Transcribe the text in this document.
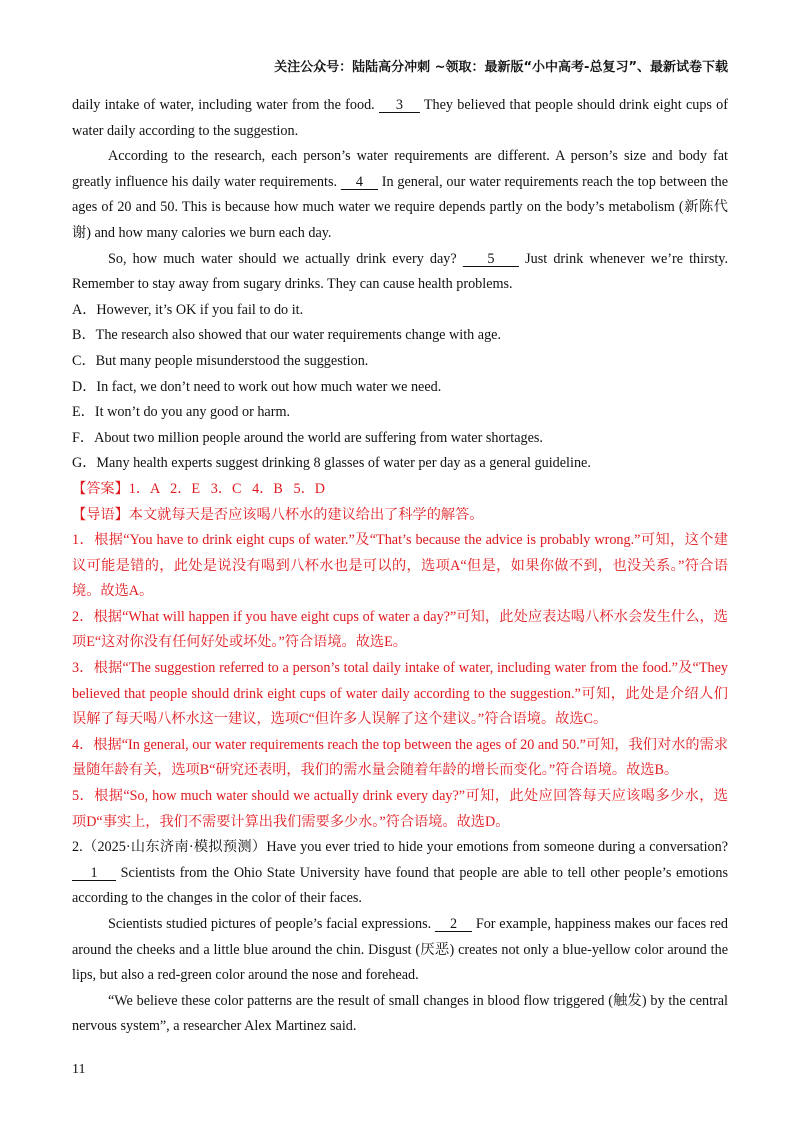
关注公众号：陆陆高分冲刺 ~领取：最新版“小中高考-总复习”、最新试卷下载

daily intake of water, including water from the food.     3     They believed that people should drink eight cups of water daily according to the suggestion.

According to the research, each person’s water requirements are different. A person’s size and body fat greatly influence his daily water requirements.     4     In general, our water requirements reach the top between the ages of 20 and 50. This is because how much water we require depends partly on the body’s metabolism (新陈代谢) and how many calories we burn each day.

So, how much water should we actually drink every day?     5     Just drink whenever we’re thirsty. Remember to stay away from sugary drinks. They can cause health problems.

A．However, it’s OK if you fail to do it.

B．The research also showed that our water requirements change with age.

C．But many people misunderstood the suggestion.

D．In fact, we don’t need to work out how much water we need.

E．It won’t do you any good or harm.

F．About two million people around the world are suffering from water shortages.

G．Many health experts suggest drinking 8 glasses of water per day as a general guideline.

【答案】1．A   2．E   3．C   4．B   5．D

【导语】本文就每天是否应该喝八杯水的建议给出了科学的解答。

1．根据“You have to drink eight cups of water.”及“That’s because the advice is probably wrong.”可知，这个建议可能是错的，此处是说没有喝到八杯水也是可以的，选项A“但是，如果你做不到，也没关系。”符合语境。故选A。

2．根据“What will happen if you have eight cups of water a day?”可知，此处应表达喝八杯水会发生什么，选项E“这对你没有任何好处或坏处。”符合语境。故选E。

3．根据“The suggestion referred to a person’s total daily intake of water, including water from the food.”及“They believed that people should drink eight cups of water daily according to the suggestion.”可知，此处是介绍人们误解了每天喝八杯水这一建议，选项C“但许多人误解了这个建议。”符合语境。故选C。

4．根据“In general, our water requirements reach the top between the ages of 20 and 50.”可知，我们对水的需求量随年龄有关，选项B“研究还表明，我们的需水量会随着年龄的增长而变化。”符合语境。故选B。

5．根据“So, how much water should we actually drink every day?”可知，此处应回答每天应该喝多少水，选项D“事实上，我们不需要计算出我们需要多少水。”符合语境。故选D。

2.（2025·山东济南·模拟预测）Have you ever tried to hide your emotions from someone during a conversation?     1     Scientists from the Ohio State University have found that people are able to tell other people’s emotions according to the changes in the color of their faces.

Scientists studied pictures of people’s facial expressions.     2     For example, happiness makes our faces red around the cheeks and a little blue around the chin. Disgust (厌恶) creates not only a blue-yellow color around the lips, but also a red-green color around the nose and forehead.

“We believe these color patterns are the result of small changes in blood flow triggered (触发) by the central nervous system”, a researcher Alex Martinez said.

11
